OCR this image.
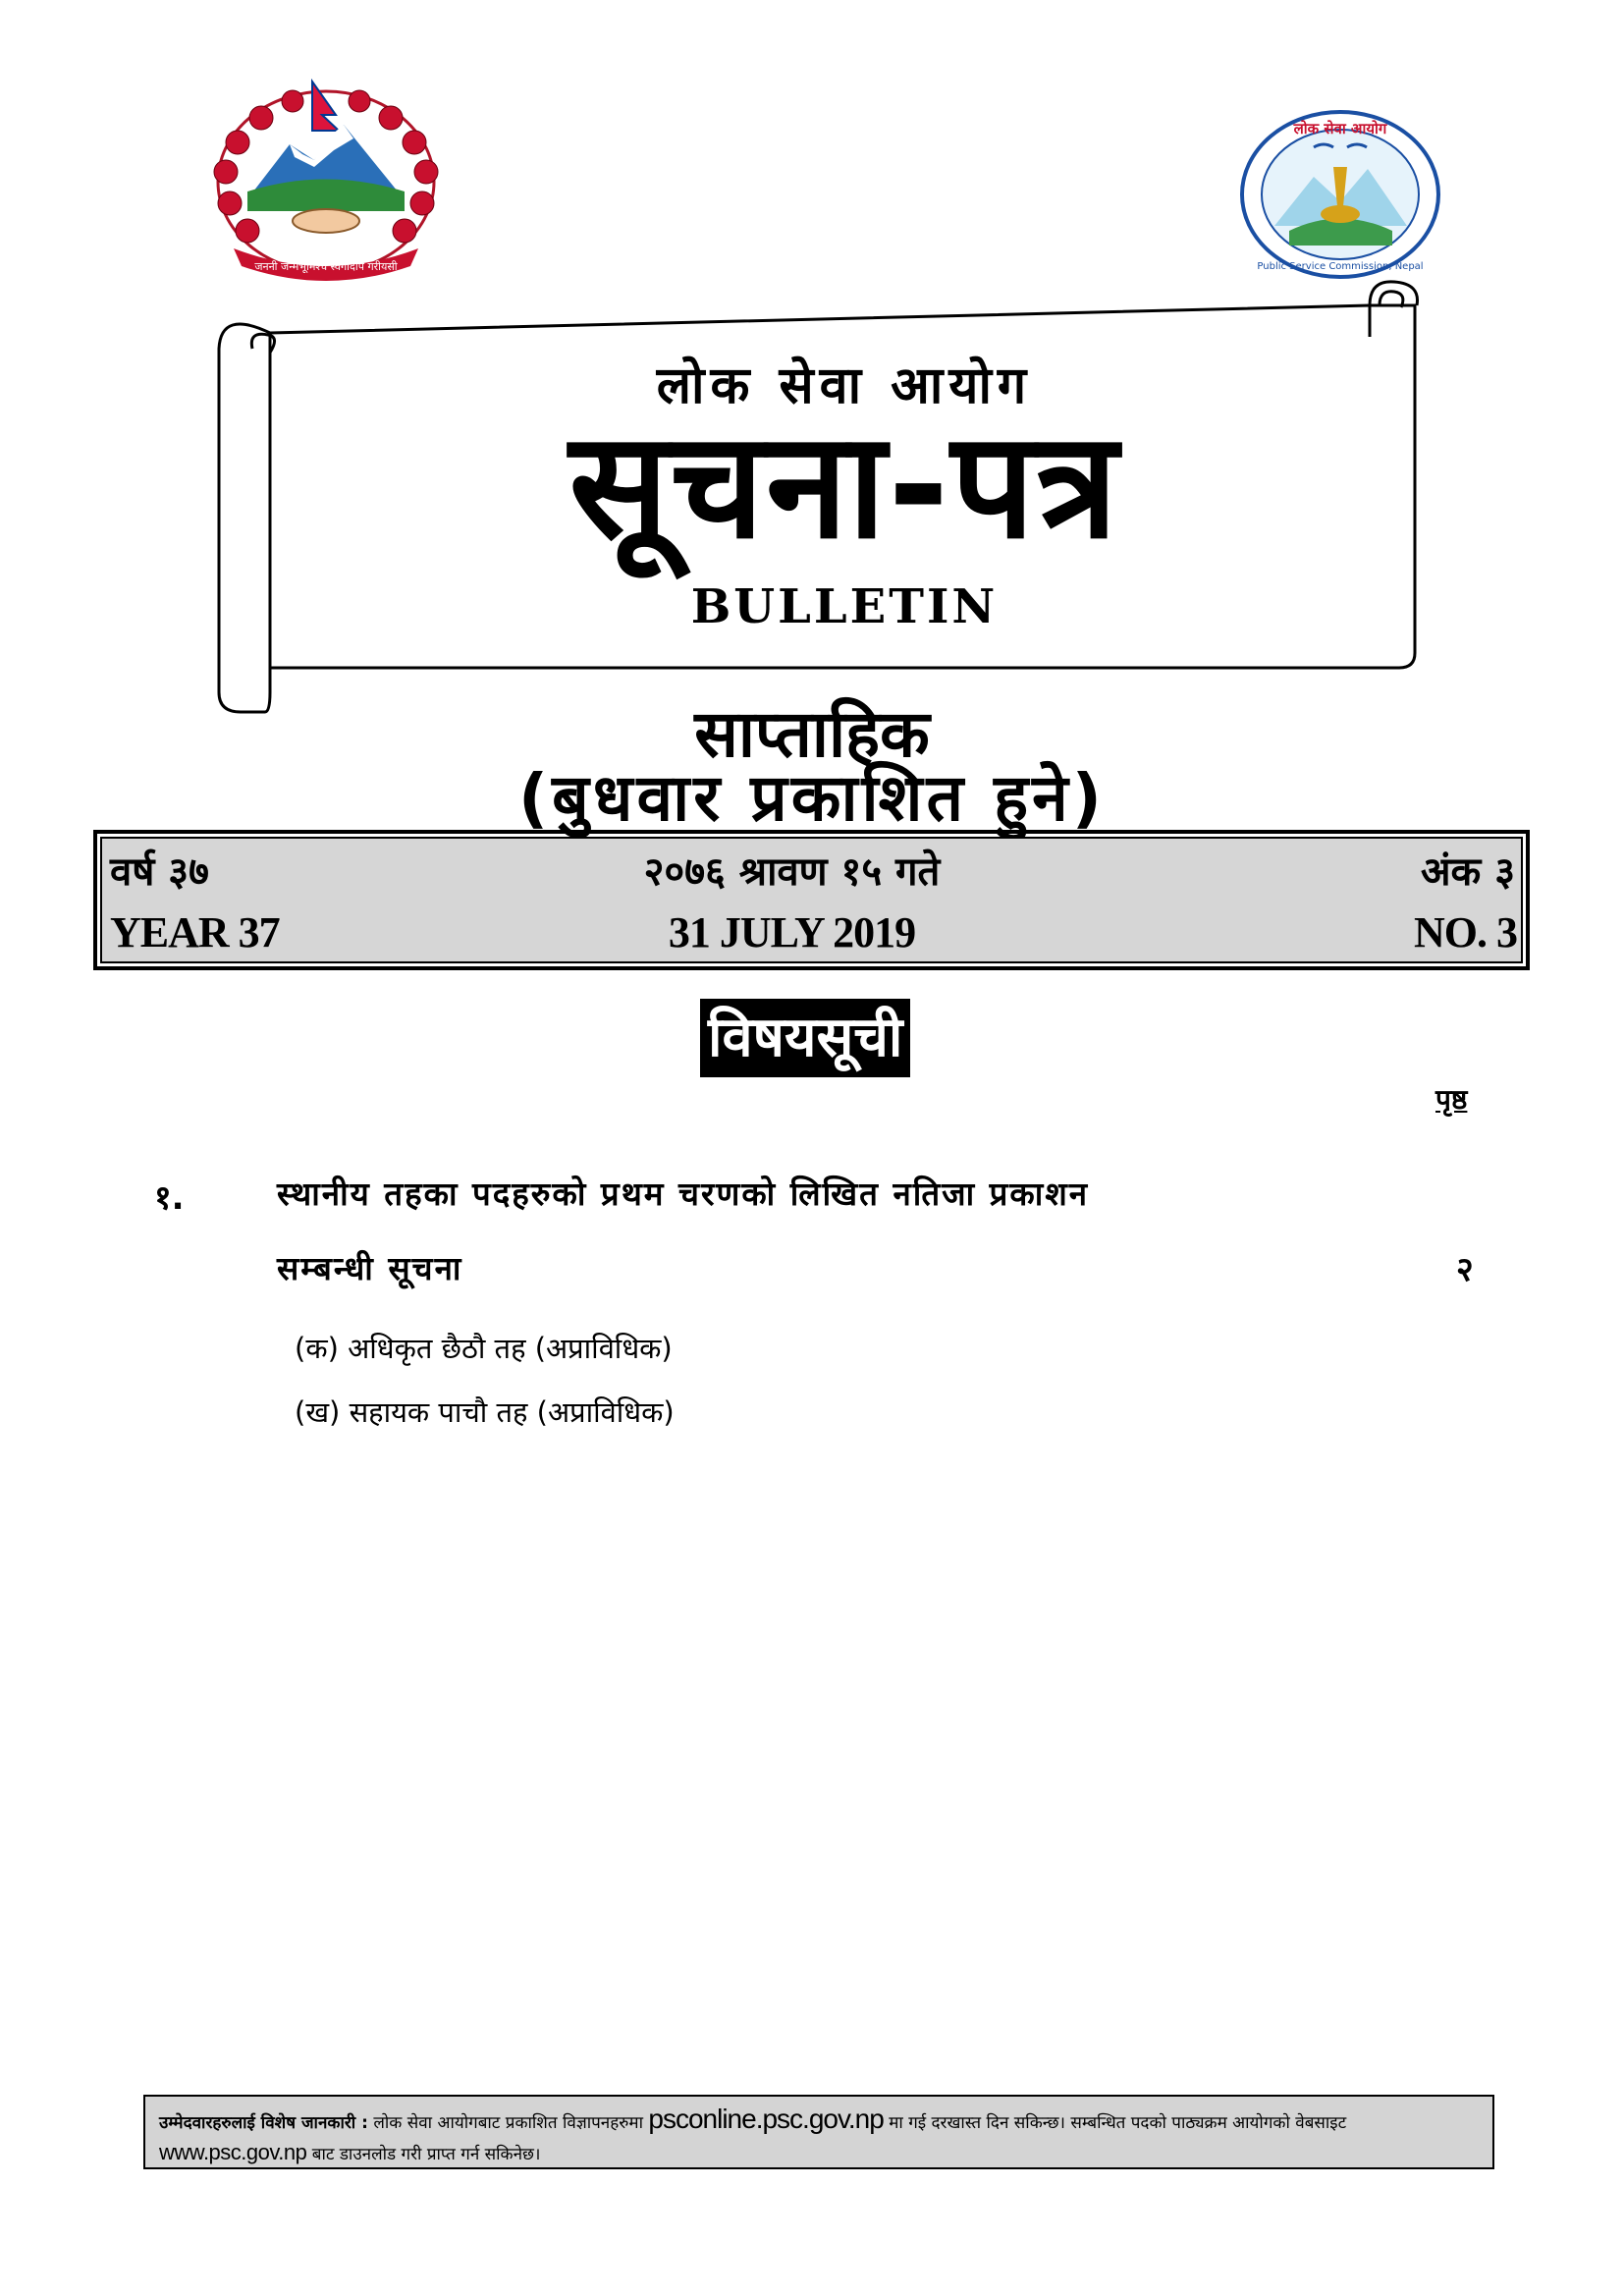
जननी जन्मभूमिश्च स्वर्गादपि गरीयसी
लोक सेवा आयोग
Public Service Commission, Nepal
लोक सेवा आयोग
सूचना-पत्र
BULLETIN
साप्ताहिक
(बुधवार प्रकाशित हुने)
वर्ष ३७	२०७६ श्रावण १५ गते	अंक ३
YEAR 37	31 JULY 2019	NO. 3
विषयसूची
पृष्ठ
१.	स्थानीय तहका पदहरुको प्रथम चरणको लिखित नतिजा प्रकाशन
सम्बन्धी सूचना	२
(क) अधिकृत छैठौ तह (अप्राविधिक)
(ख) सहायक पाचौ तह (अप्राविधिक)
उम्मेदवारहरुलाई विशेष जानकारी : लोक सेवा आयोगबाट प्रकाशित विज्ञापनहरुमा psconline.psc.gov.np मा गई दरखास्त दिन सकिन्छ। सम्बन्धित पदको पाठ्यक्रम आयोगको वेबसाइट www.psc.gov.np बाट डाउनलोड गरी प्राप्त गर्न सकिनेछ।
